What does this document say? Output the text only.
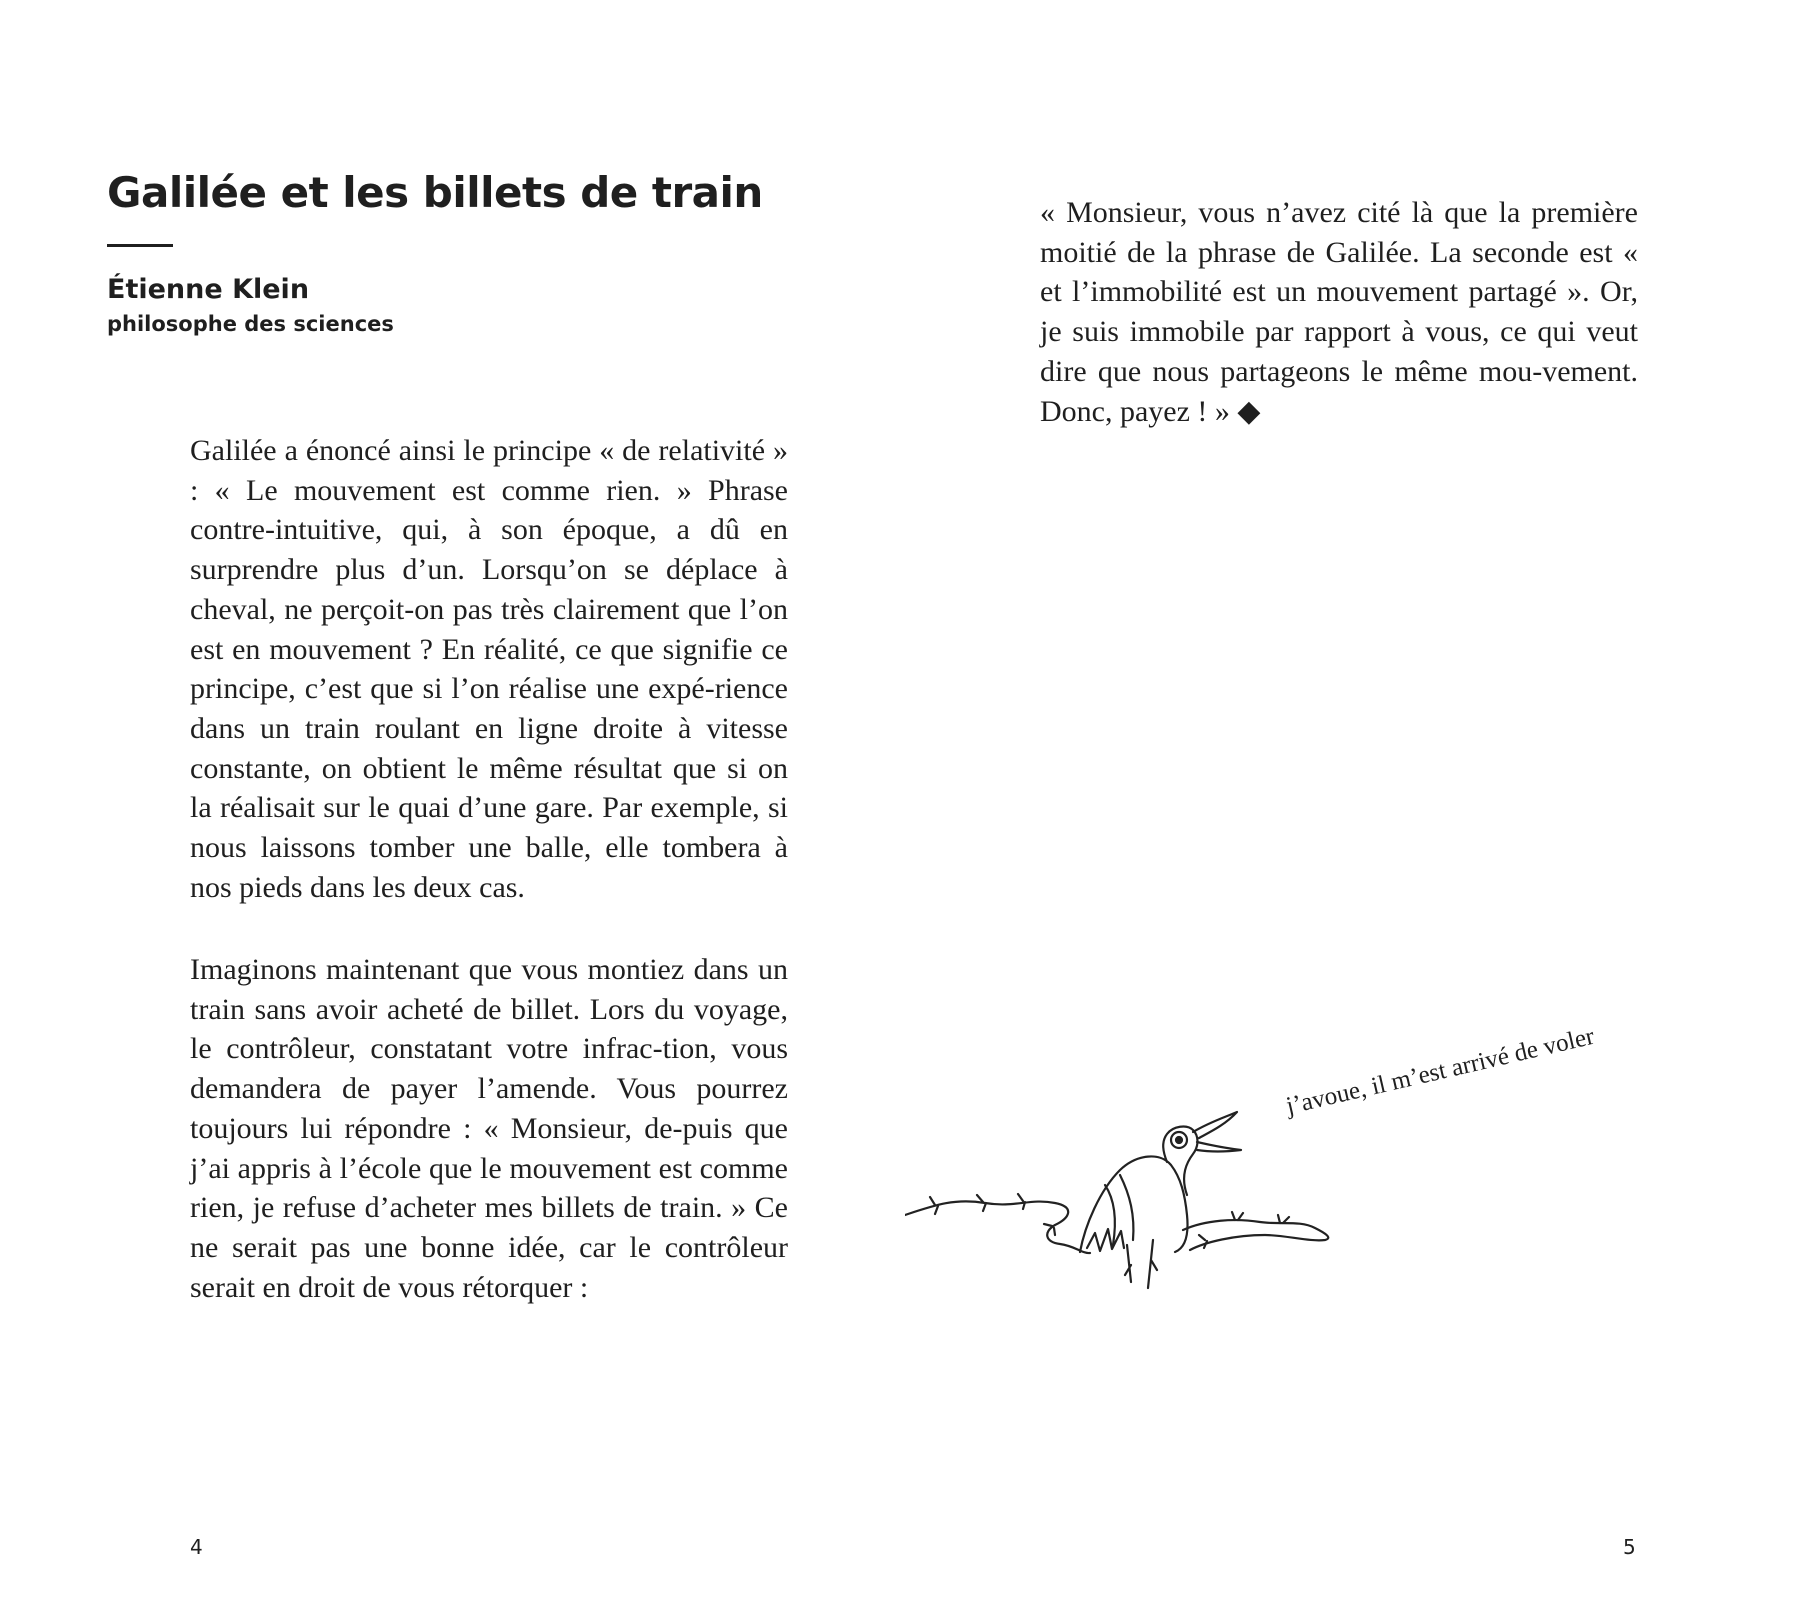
Galilée et les billets de train
Étienne Klein
philosophe des sciences

Galilée a énoncé ainsi le principe « de relativité » : « Le mouvement est comme rien. » Phrase contre-intuitive, qui, à son époque, a dû en surprendre plus d’un. Lorsqu’on se déplace à cheval, ne perçoit-on pas très clairement que l’on est en mouvement ? En réalité, ce que signifie ce principe, c’est que si l’on réalise une expé-rience dans un train roulant en ligne droite à vitesse constante, on obtient le même résultat que si on la réalisait sur le quai d’une gare. Par exemple, si nous laissons tomber une balle, elle tombera à nos pieds dans les deux cas.

Imaginons maintenant que vous montiez dans un train sans avoir acheté de billet. Lors du voyage, le contrôleur, constatant votre infrac-tion, vous demandera de payer l’amende. Vous pourrez toujours lui répondre : « Monsieur, de-puis que j’ai appris à l’école que le mouvement est comme rien, je refuse d’acheter mes billets de train. » Ce ne serait pas une bonne idée, car le contrôleur serait en droit de vous rétorquer :

« Monsieur, vous n’avez cité là que la première moitié de la phrase de Galilée. La seconde est « et l’immobilité est un mouvement partagé ». Or, je suis immobile par rapport à vous, ce qui veut dire que nous partageons le même mou-vement. Donc, payez ! » ◆

j’avoue, il m’est arrivé de voler
4	5
